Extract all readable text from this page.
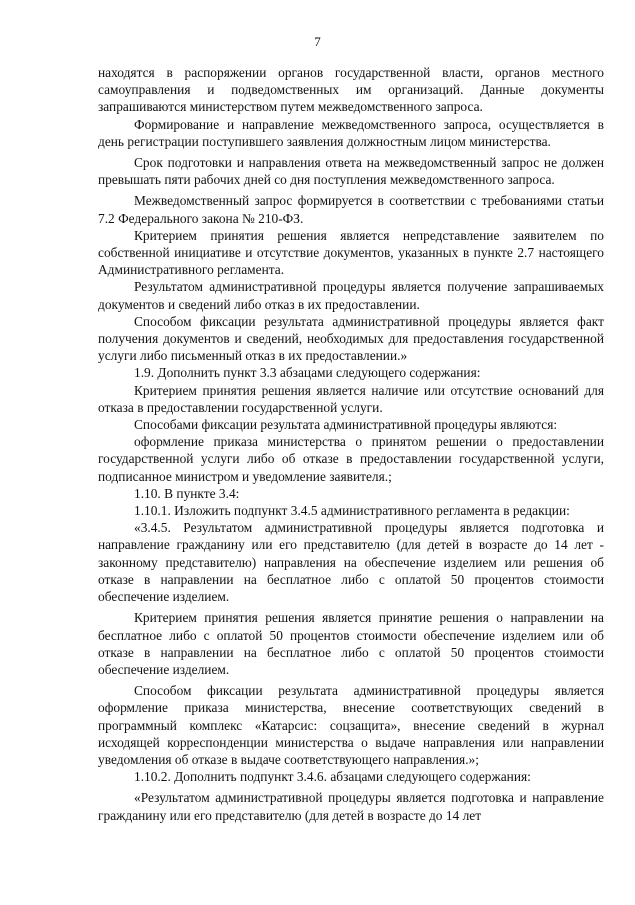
7

находятся в распоряжении органов государственной власти, органов местного самоуправления и подведомственных им организаций. Данные документы запрашиваются министерством путем межведомственного запроса.

Формирование и направление межведомственного запроса, осуществляется в день регистрации поступившего заявления должностным лицом министерства.

Срок подготовки и направления ответа на межведомственный запрос не должен превышать пяти рабочих дней со дня поступления межведомственного запроса.

Межведомственный запрос формируется в соответствии с требованиями статьи 7.2 Федерального закона № 210-ФЗ.

Критерием принятия решения является непредставление заявителем по собственной инициативе и отсутствие документов, указанных в пункте 2.7 настоящего Административного регламента.

Результатом административной процедуры является получение запрашиваемых документов и сведений либо отказ в их предоставлении.

Способом фиксации результата административной процедуры является факт получения документов и сведений, необходимых для предоставления государственной услуги либо письменный отказ в их предоставлении.»

1.9. Дополнить пункт 3.3 абзацами следующего содержания:

Критерием принятия решения является наличие или отсутствие оснований для отказа в предоставлении государственной услуги.

Способами фиксации результата административной процедуры являются:

оформление приказа министерства о принятом решении о предоставлении государственной услуги либо об отказе в предоставлении государственной услуги, подписанное министром и уведомление заявителя.;

1.10. В пункте 3.4:

1.10.1. Изложить подпункт 3.4.5 административного регламента в редакции:

«3.4.5. Результатом административной процедуры является подготовка и направление гражданину или его представителю (для детей в возрасте до 14 лет - законному представителю) направления на обеспечение изделием или решения об отказе в направлении на бесплатное либо с оплатой 50 процентов стоимости обеспечение изделием.

Критерием принятия решения является принятие решения о направлении на бесплатное либо с оплатой 50 процентов стоимости обеспечение изделием или об отказе в направлении на бесплатное либо с оплатой 50 процентов стоимости обеспечение изделием.

Способом фиксации результата административной процедуры является оформление приказа министерства, внесение соответствующих сведений в программный комплекс «Катарсис: соцзащита», внесение сведений в журнал исходящей корреспонденции министерства о выдаче направления или направлении уведомления об отказе в выдаче соответствующего направления.»;

1.10.2. Дополнить подпункт 3.4.6. абзацами следующего содержания:

«Результатом административной процедуры является подготовка и направление гражданину или его представителю (для детей в возрасте до 14 лет
